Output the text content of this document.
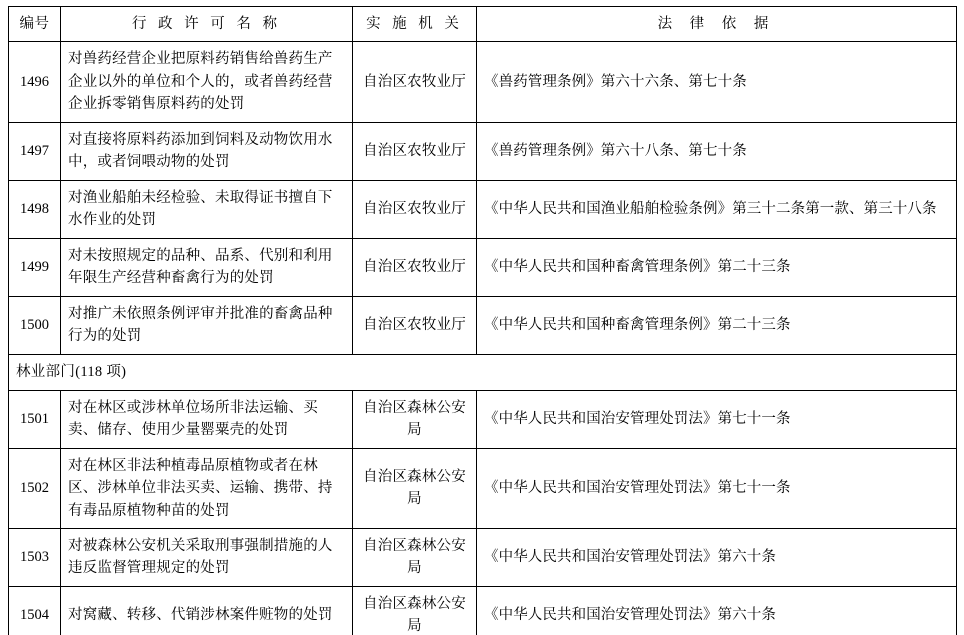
编号	行 政 许 可 名 称	实 施 机 关	法 律 依 据
1496	对兽药经营企业把原料药销售给兽药生产企业以外的单位和个人的，或者兽药经营企业拆零销售原料药的处罚	自治区农牧业厅	《兽药管理条例》第六十六条、第七十条
1497	对直接将原料药添加到饲料及动物饮用水中，或者饲喂动物的处罚	自治区农牧业厅	《兽药管理条例》第六十八条、第七十条
1498	对渔业船舶未经检验、未取得证书擅自下水作业的处罚	自治区农牧业厅	《中华人民共和国渔业船舶检验条例》第三十二条第一款、第三十八条
1499	对未按照规定的品种、品系、代别和利用年限生产经营种畜禽行为的处罚	自治区农牧业厅	《中华人民共和国种畜禽管理条例》第二十三条
1500	对推广未依照条例评审并批准的畜禽品种行为的处罚	自治区农牧业厅	《中华人民共和国种畜禽管理条例》第二十三条
林业部门(118 项)			
1501	对在林区或涉林单位场所非法运输、买卖、储存、使用少量罂粟壳的处罚	自治区森林公安局	《中华人民共和国治安管理处罚法》第七十一条
1502	对在林区非法种植毒品原植物或者在林区、涉林单位非法买卖、运输、携带、持有毒品原植物种苗的处罚	自治区森林公安局	《中华人民共和国治安管理处罚法》第七十一条
1503	对被森林公安机关采取刑事强制措施的人违反监督管理规定的处罚	自治区森林公安局	《中华人民共和国治安管理处罚法》第六十条
1504	对窝藏、转移、代销涉林案件赃物的处罚	自治区森林公安局	《中华人民共和国治安管理处罚法》第六十条
